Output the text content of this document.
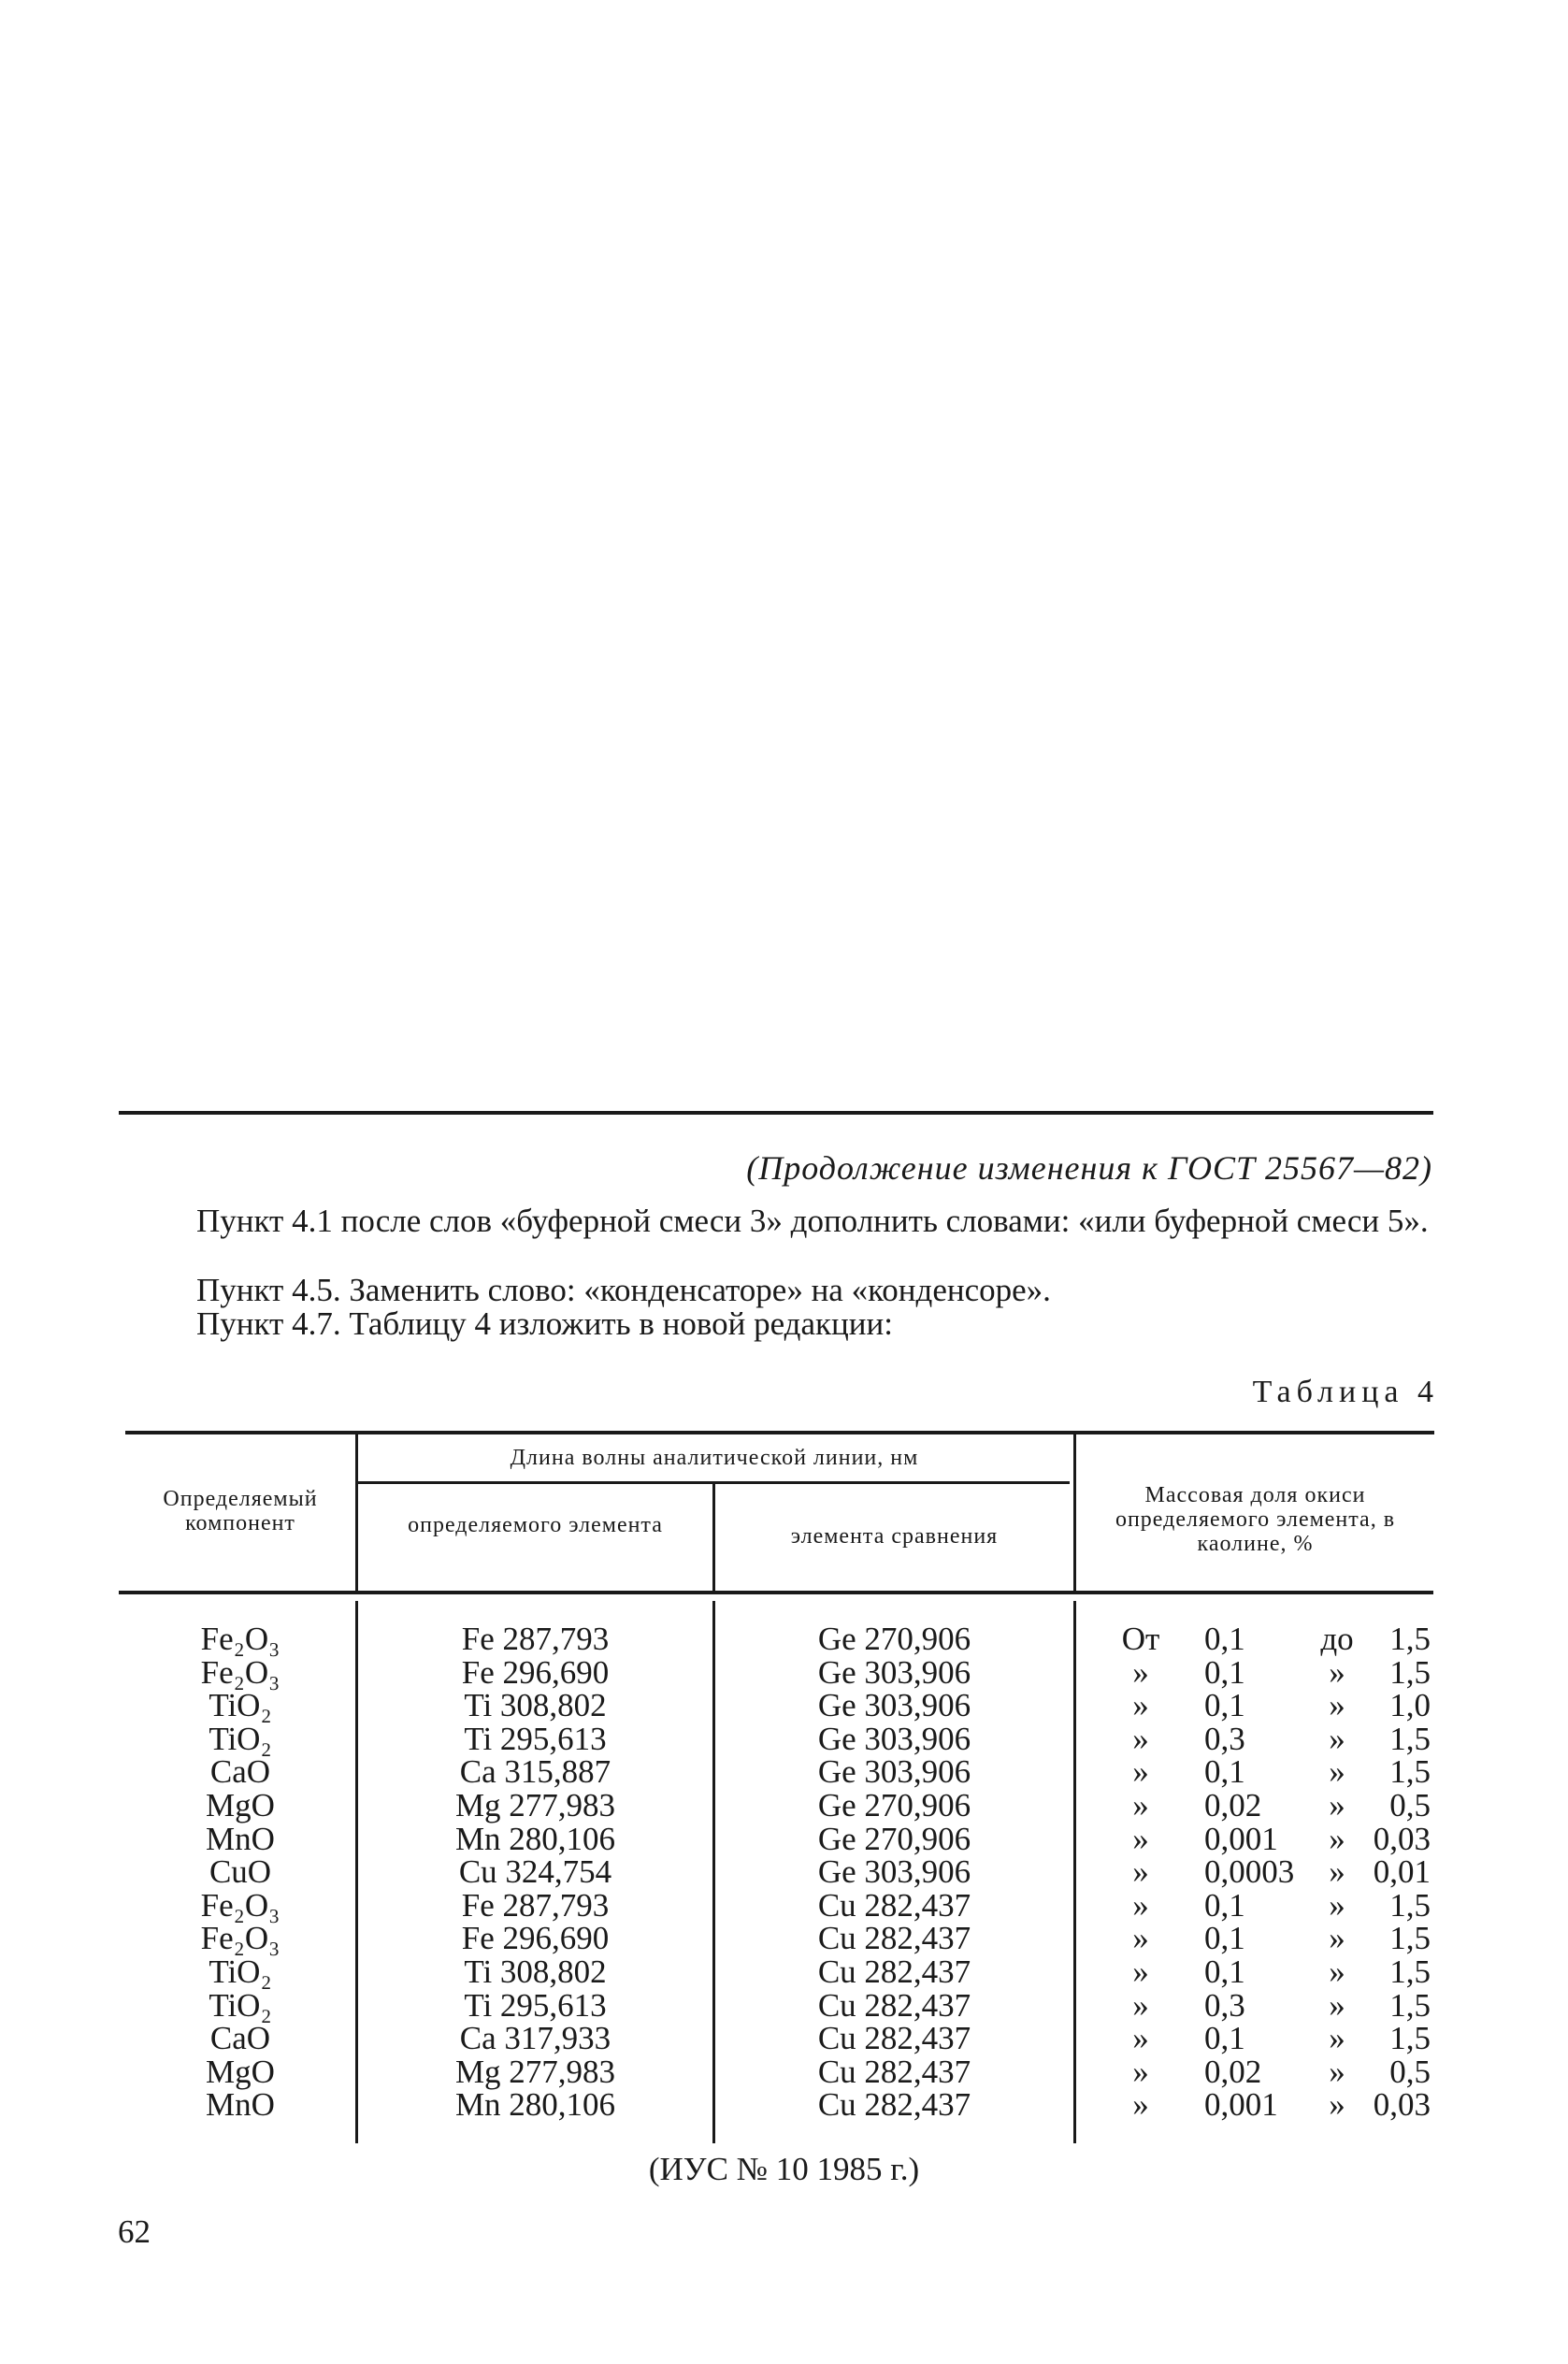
(Продолжение изменения к ГОСТ 25567—82)
Пункт 4.1 после слов «буферной смеси 3» дополнить словами: «или буферной смеси 5».
Пункт 4.5. Заменить слово: «конденсаторе» на «конденсоре».
Пункт 4.7. Таблицу 4 изложить в новой редакции:
Таблица 4
Определяемый компонент
Длина волны аналитической линии, нм
определяемого элемента	элемента сравнения
Массовая доля окиси определяемого элемента, в каолине, %
Fe₂O₃	Fe 287,793	Ge 270,906	От	0,1	до	1,5
Fe₂O₃	Fe 296,690	Ge 303,906	»	0,1	»	1,5
TiO₂	Ti 308,802	Ge 303,906	»	0,1	»	1,0
TiO₂	Ti 295,613	Ge 303,906	»	0,3	»	1,5
CaO	Ca 315,887	Ge 303,906	»	0,1	»	1,5
MgO	Mg 277,983	Ge 270,906	»	0,02	»	0,5
MnO	Mn 280,106	Ge 270,906	»	0,001	» 0,03
CuO	Cu 324,754	Ge 303,906	»	0,0003	» 0,01
Fe₂O₃	Fe 287,793	Cu 282,437	»	0,1	»	1,5
Fe₂O₃	Fe 296,690	Cu 282,437	»	0,1	»	1,5
TiO₂	Ti 308,802	Cu 282,437	»	0,1	»	1,5
TiO₂	Ti 295,613	Cu 282,437	»	0,3	»	1,5
CaO	Ca 317,933	Cu 282,437	»	0,1	»	1,5
MgO	Mg 277,983	Cu 282,437	»	0,02	»	0,5
MnO	Mn 280,106	Cu 282,437	»	0,001	» 0,03
(ИУС № 10 1985 г.)
62
